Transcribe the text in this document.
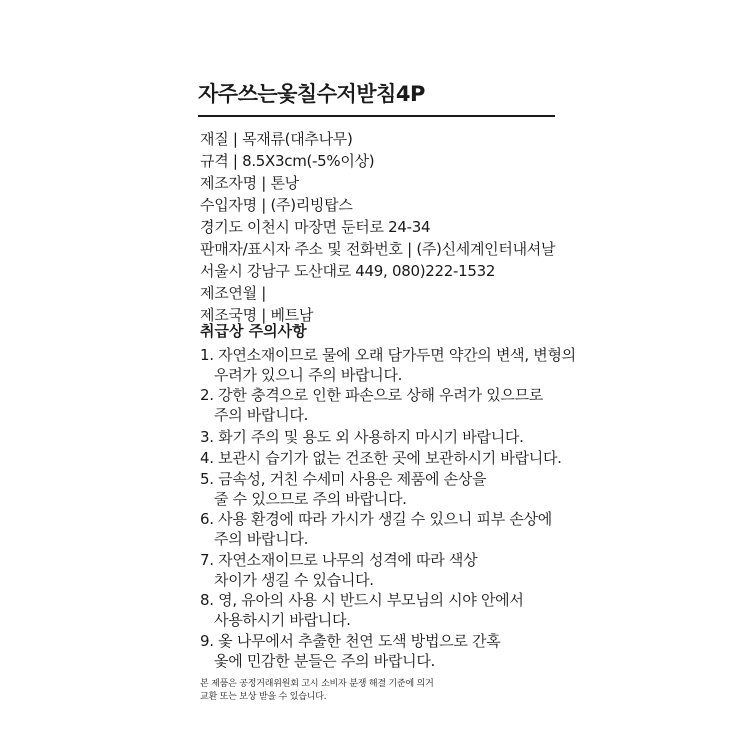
자주쓰는옻칠수저받침4P
재질 | 목재류(대추나무)
규격 | 8.5X3cm(-5%이상)
제조자명 | 톤낭
수입자명 | (주)리빙탑스
경기도 이천시 마장면 둔터로 24-34
판매자/표시자 주소 및 전화번호 | (주)신세계인터내셔날
서울시 강남구 도산대로 449, 080)222-1532
제조연월 |
제조국명 | 베트남
취급상 주의사항
1. 자연소재이므로 물에 오래 담가두면 약간의 변색, 변형의
우려가 있으니 주의 바랍니다.
2. 강한 충격으로 인한 파손으로 상해 우려가 있으므로
주의 바랍니다.
3. 화기 주의 및 용도 외 사용하지 마시기 바랍니다.
4. 보관시 습기가 없는 건조한 곳에 보관하시기 바랍니다.
5. 금속성, 거친 수세미 사용은 제품에 손상을
줄 수 있으므로 주의 바랍니다.
6. 사용 환경에 따라 가시가 생길 수 있으니 피부 손상에
주의 바랍니다.
7. 자연소재이므로 나무의 성격에 따라 색상
차이가 생길 수 있습니다.
8. 영, 유아의 사용 시 반드시 부모님의 시야 안에서
사용하시기 바랍니다.
9. 옻 나무에서 추출한 천연 도색 방법으로 간혹
옻에 민감한 분들은 주의 바랍니다.
본 제품은 공정거래위원회 고시 소비자 분쟁 해결 기준에 의거
교환 또는 보상 받을 수 있습니다.
